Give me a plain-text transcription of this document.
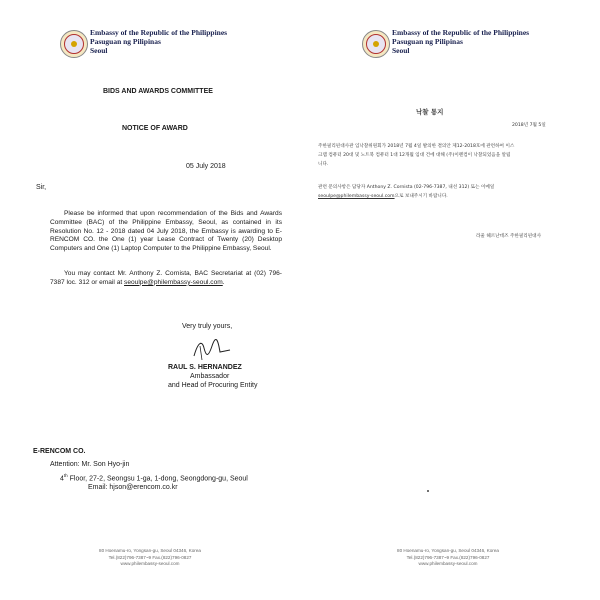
Embassy of the Republic of the Philippines
Pasuguan ng Pilipinas
Seoul
BIDS AND AWARDS COMMITTEE
NOTICE OF AWARD
05 July 2018
Sir,
Please be informed that upon recommendation of the Bids and Awards Committee (BAC) of the Philippine Embassy, Seoul, as contained in its Resolution No. 12 - 2018 dated 04 July 2018, the Embassy is awarding to E-RENCOM CO. the One (1) year Lease Contract of Twenty (20) Desktop Computers and One (1) Laptop Computer to the Philippine Embassy, Seoul.
You may contact Mr. Anthony Z. Cornista, BAC Secretariat at (02) 796-7387 loc. 312 or email at seoulpe@philembassy-seoul.com.
Very truly yours,
RAUL S. HERNANDEZ
Ambassador
and Head of Procuring Entity
E-RENCOM CO.
Attention: Mr. Son Hyo-jin
4th Floor, 27-2, Seongsu 1-ga, 1-dong, Seongdong-gu, Seoul
Email: hjson@erencom.co.kr
80 Hoenamu-ro, Yongsan-gu, Seoul 04346, Korea
Tel.(822)796-7387~9 Fax.(822)796-0827
www.philembassy-seoul.com
Embassy of the Republic of the Philippines
Pasuguan ng Pilipinas
Seoul
낙찰 통지
2018년 7월 5일
주한필리핀대사관 입낙찰위원회가 2018년 7월 4일 발의한 결의안 제12-2018호에 관련하여 이스
크랩 컴퓨터 20대 및 노트북 컴퓨터 1대 12개월 임대 건에 대해 (주)이렌컴이 낙찰되었음을 알립
니다.
관련 문의사항은 담당자 Anthony Z. Cornista (02-796-7387, 내선 312) 또는 이메일
seoulpe@philembassy-seoul.com으로 보내주시기 바랍니다.
라울 헤르난데즈 주한필리핀대사
80 Hoenamu-ro, Yongsan-gu, Seoul 04346, Korea
Tel.(822)796-7387~9 Fax.(822)796-0827
www.philembassy-seoul.com
